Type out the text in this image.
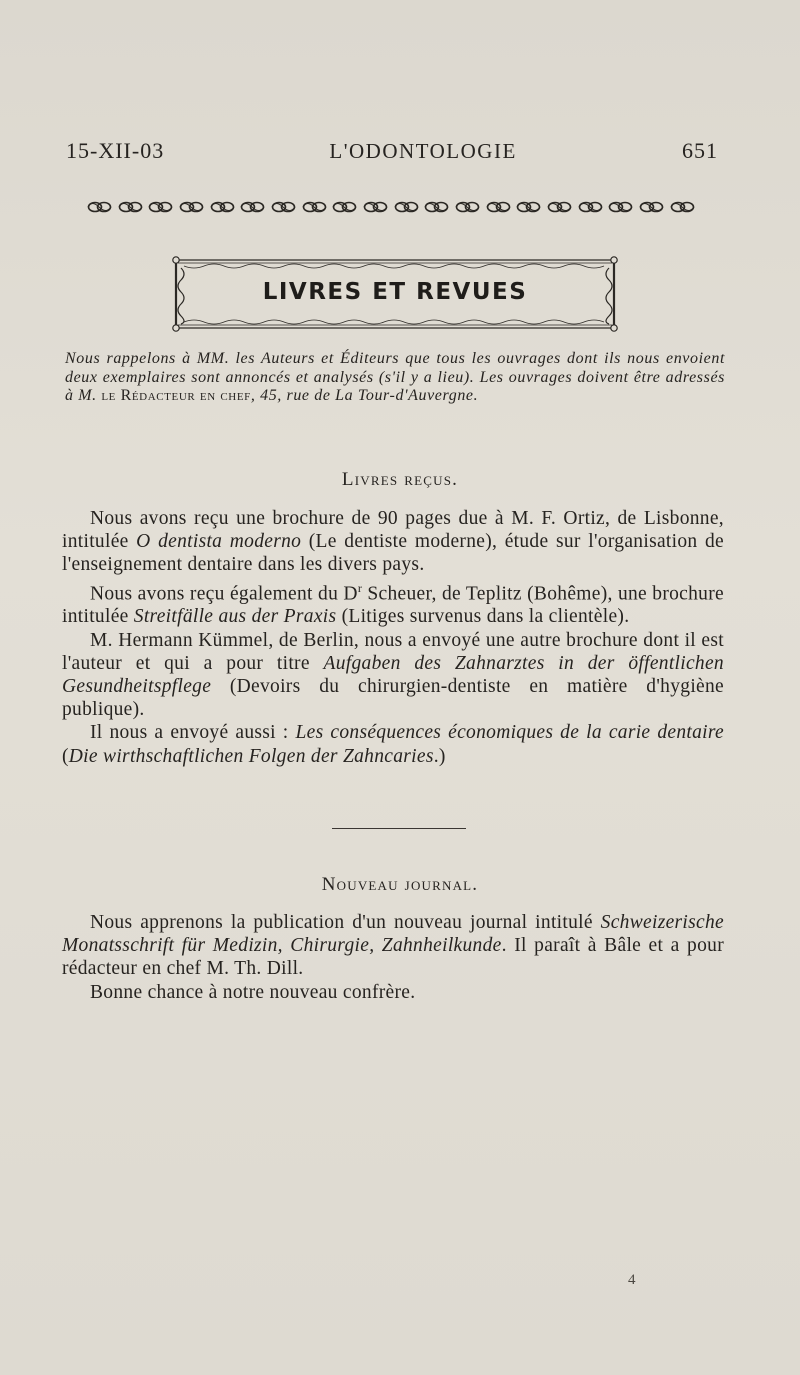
15-XII-03	L'ODONTOLOGIE	651
LIVRES ET REVUES
Nous rappelons à MM. les Auteurs et Éditeurs que tous les ouvrages dont ils nous envoient deux exemplaires sont annoncés et analysés (s'il y a lieu). Les ouvrages doivent être adressés à M. le Rédacteur en chef, 45, rue de La Tour-d'Auvergne.
Livres reçus.

Nous avons reçu une brochure de 90 pages due à M. F. Ortiz, de Lisbonne, intitulée O dentista moderno (Le dentiste moderne), étude sur l'organisation de l'enseignement dentaire dans les divers pays.

Nous avons reçu également du $D^r$ Scheuer, de Teplitz (Bohême), une brochure intitulée Streitfälle aus der Praxis (Litiges survenus dans la clientèle).

M. Hermann Kümmel, de Berlin, nous a envoyé une autre brochure dont il est l'auteur et qui a pour titre Aufgaben des Zahnarztes in der öffentlichen Gesundheitspflege (Devoirs du chirurgien-dentiste en matière d'hygiène publique).

Il nous a envoyé aussi : Les conséquences économiques de la carie dentaire (Die wirthschaftlichen Folgen der Zahncaries.)

Nouveau journal.

Nous apprenons la publication d'un nouveau journal intitulé Schweizerische Monatsschrift für Medizin, Chirurgie, Zahnheilkunde. Il paraît à Bâle et a pour rédacteur en chef M. Th. Dill.

Bonne chance à notre nouveau confrère.

4
